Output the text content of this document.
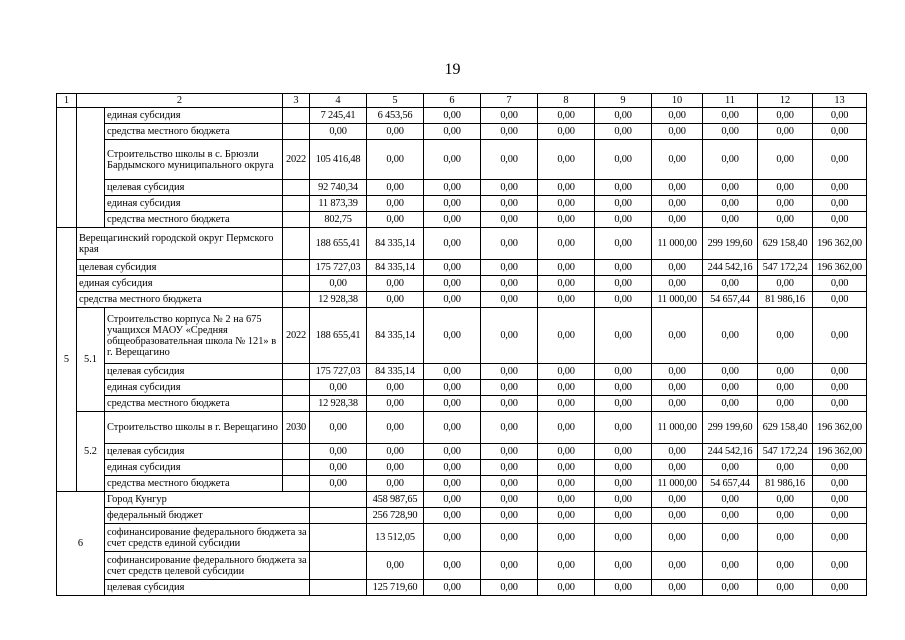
19
1	2		3	4	5	6	7	8	9	10	11	12	13	
		единая субсидия		7 245,41	6 453,56	0,00	0,00	0,00	0,00	0,00	0,00	0,00	0,00	
		средства местного бюджета		0,00	0,00	0,00	0,00	0,00	0,00	0,00	0,00	0,00	0,00	
		Строительство школы в с. Брюзли Бардымского муниципального округа	2022	105 416,48	0,00	0,00	0,00	0,00	0,00	0,00	0,00	0,00	0,00	
		целевая субсидия		92 740,34	0,00	0,00	0,00	0,00	0,00	0,00	0,00	0,00	0,00	
		единая субсидия		11 873,39	0,00	0,00	0,00	0,00	0,00	0,00	0,00	0,00	0,00	
		средства местного бюджета		802,75	0,00	0,00	0,00	0,00	0,00	0,00	0,00	0,00	0,00	
5	Верещагинский городской округ Пермского края			188 655,41	84 335,14	0,00	0,00	0,00	0,00	11 000,00	299 199,60	629 158,40	196 362,00	
	целевая субсидия			175 727,03	84 335,14	0,00	0,00	0,00	0,00	0,00	244 542,16	547 172,24	196 362,00	
	единая субсидия			0,00	0,00	0,00	0,00	0,00	0,00	0,00	0,00	0,00	0,00	
	средства местного бюджета			12 928,38	0,00	0,00	0,00	0,00	0,00	11 000,00	54 657,44	81 986,16	0,00	
	5.1	Строительство корпуса № 2 на 675 учащихся МАОУ «Средняя общеобразовательная школа № 121» в г. Верещагино	2022	188 655,41	84 335,14	0,00	0,00	0,00	0,00	0,00	0,00	0,00	0,00	
		целевая субсидия		175 727,03	84 335,14	0,00	0,00	0,00	0,00	0,00	0,00	0,00	0,00	
		единая субсидия		0,00	0,00	0,00	0,00	0,00	0,00	0,00	0,00	0,00	0,00	
		средства местного бюджета		12 928,38	0,00	0,00	0,00	0,00	0,00	0,00	0,00	0,00	0,00	
	5.2	Строительство школы в г. Верещагино	2030	0,00	0,00	0,00	0,00	0,00	0,00	11 000,00	299 199,60	629 158,40	196 362,00	
		целевая субсидия		0,00	0,00	0,00	0,00	0,00	0,00	0,00	244 542,16	547 172,24	196 362,00	
		единая субсидия		0,00	0,00	0,00	0,00	0,00	0,00	0,00	0,00	0,00	0,00	
		средства местного бюджета		0,00	0,00	0,00	0,00	0,00	0,00	11 000,00	54 657,44	81 986,16	0,00	
6		Город Кунгур			458 987,65	0,00	0,00	0,00	0,00	0,00	0,00	0,00	0,00	
		федеральный бюджет			256 728,90	0,00	0,00	0,00	0,00	0,00	0,00	0,00	0,00	
		софинансирование федерального бюджета за счет средств единой субсидии			13 512,05	0,00	0,00	0,00	0,00	0,00	0,00	0,00	0,00	
		софинансирование федерального бюджета за счет средств целевой субсидии			0,00	0,00	0,00	0,00	0,00	0,00	0,00	0,00	0,00	
		целевая субсидия			125 719,60	0,00	0,00	0,00	0,00	0,00	0,00	0,00	0,00	
